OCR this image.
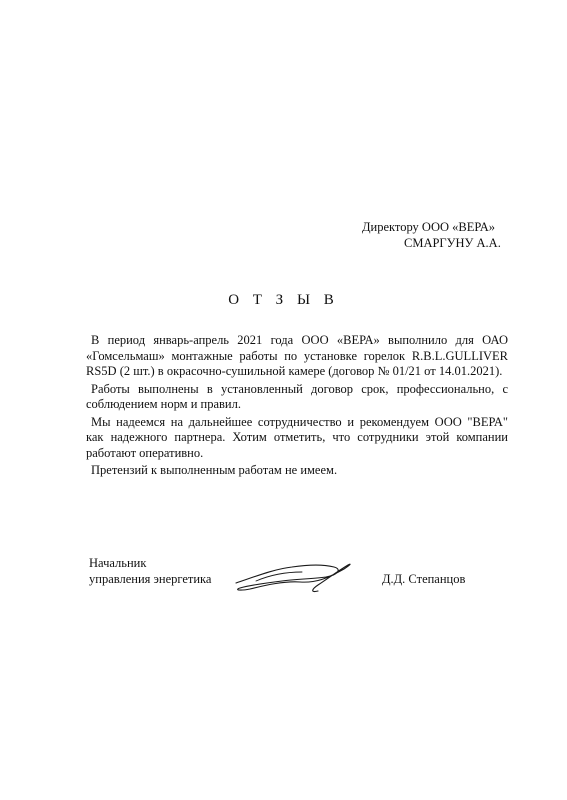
Директору ООО «ВЕРА»
СМАРГУНУ А.А.
О Т З Ы В

В период январь-апрель 2021 года ООО «ВЕРА» выполнило для ОАО «Гомсельмаш» монтажные работы по установке горелок R.B.L.GULLIVER RS5D (2 шт.) в окрасочно-сушильной камере (договор № 01/21 от 14.01.2021).

Работы выполнены в установленный договор срок, профессионально, с соблюдением норм и правил.

Мы надеемся на дальнейшее сотрудничество и рекомендуем ООО "ВЕРА" как надежного партнера. Хотим отметить, что сотрудники этой компании работают оперативно.

Претензий к выполненным работам не имеем.

Начальник
управления энергетика	Д.Д. Степанцов
